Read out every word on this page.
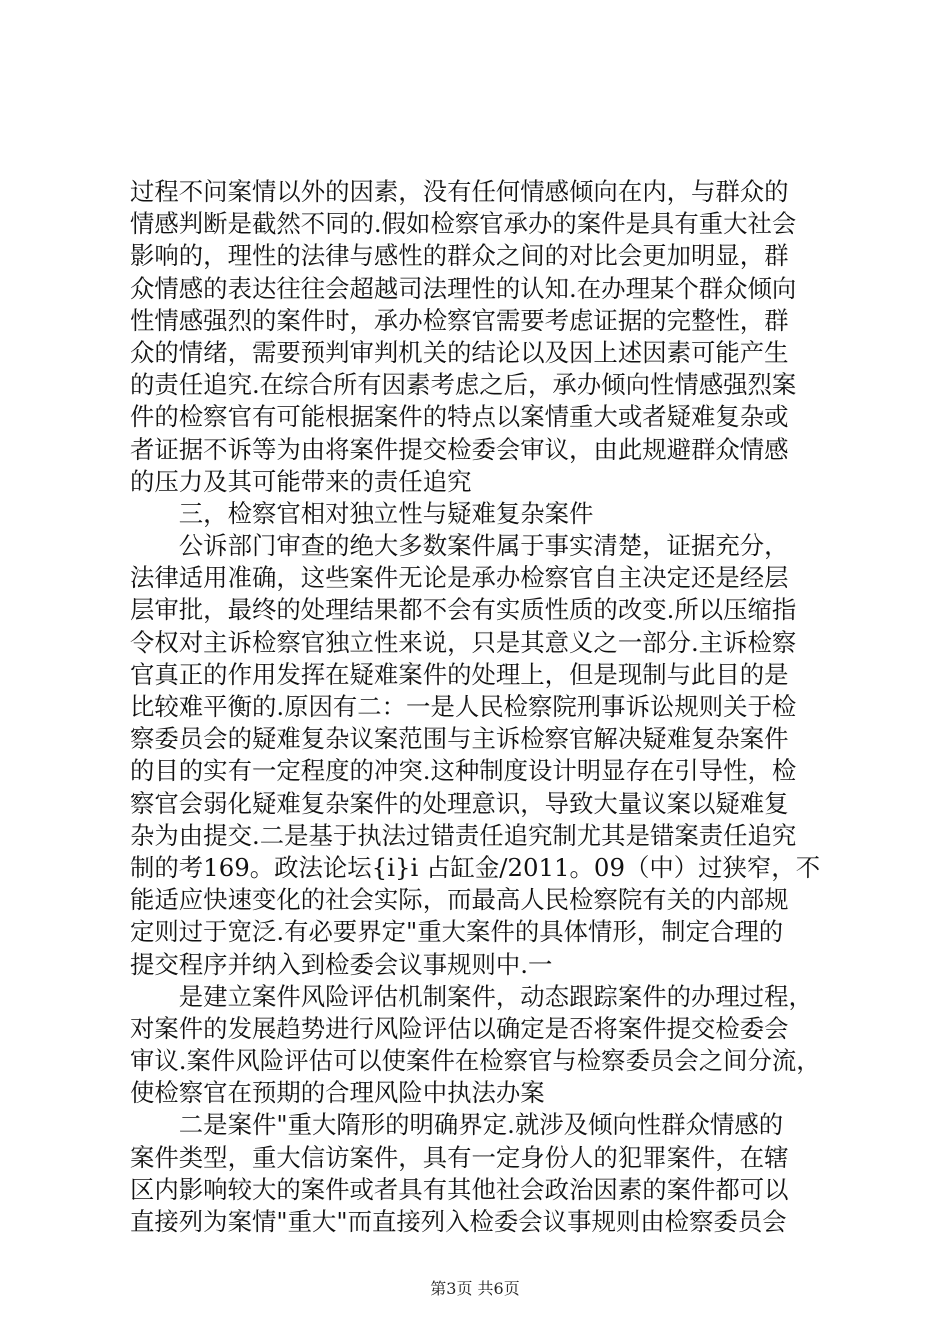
过程不问案情以外的因素，没有任何情感倾向在内，与群众的
情感判断是截然不同的.假如检察官承办的案件是具有重大社会
影响的，理性的法律与感性的群众之间的对比会更加明显，群
众情感的表达往往会超越司法理性的认知.在办理某个群众倾向
性情感强烈的案件时，承办检察官需要考虑证据的完整性，群
众的情绪，需要预判审判机关的结论以及因上述因素可能产生
的责任追究.在综合所有因素考虑之后，承办倾向性情感强烈案
件的检察官有可能根据案件的特点以案情重大或者疑难复杂或
者证据不诉等为由将案件提交检委会审议，由此规避群众情感
的压力及其可能带来的责任追究
　　三，检察官相对独立性与疑难复杂案件
　　公诉部门审查的绝大多数案件属于事实清楚，证据充分，
法律适用准确，这些案件无论是承办检察官自主决定还是经层
层审批，最终的处理结果都不会有实质性质的改变.所以压缩指
令权对主诉检察官独立性来说，只是其意义之一部分.主诉检察
官真正的作用发挥在疑难案件的处理上，但是现制与此目的是
比较难平衡的.原因有二：一是人民检察院刑事诉讼规则关于检
察委员会的疑难复杂议案范围与主诉检察官解决疑难复杂案件
的目的实有一定程度的冲突.这种制度设计明显存在引导性，检
察官会弱化疑难复杂案件的处理意识，导致大量议案以疑难复
杂为由提交.二是基于执法过错责任追究制尤其是错案责任追究
制的考169。政法论坛{i}i 占缸金/2011。09（中）过狭窄，不
能适应快速变化的社会实际，而最高人民检察院有关的内部规
定则过于宽泛.有必要界定"重大案件的具体情形，制定合理的
提交程序并纳入到检委会议事规则中.一
　　是建立案件风险评估机制案件，动态跟踪案件的办理过程，
对案件的发展趋势进行风险评估以确定是否将案件提交检委会
审议.案件风险评估可以使案件在检察官与检察委员会之间分流，
使检察官在预期的合理风险中执法办案
　　二是案件"重大隋形的明确界定.就涉及倾向性群众情感的
案件类型，重大信访案件，具有一定身份人的犯罪案件，在辖
区内影响较大的案件或者具有其他社会政治因素的案件都可以
直接列为案情"重大"而直接列入检委会议事规则由检察委员会
第3页 共6页
